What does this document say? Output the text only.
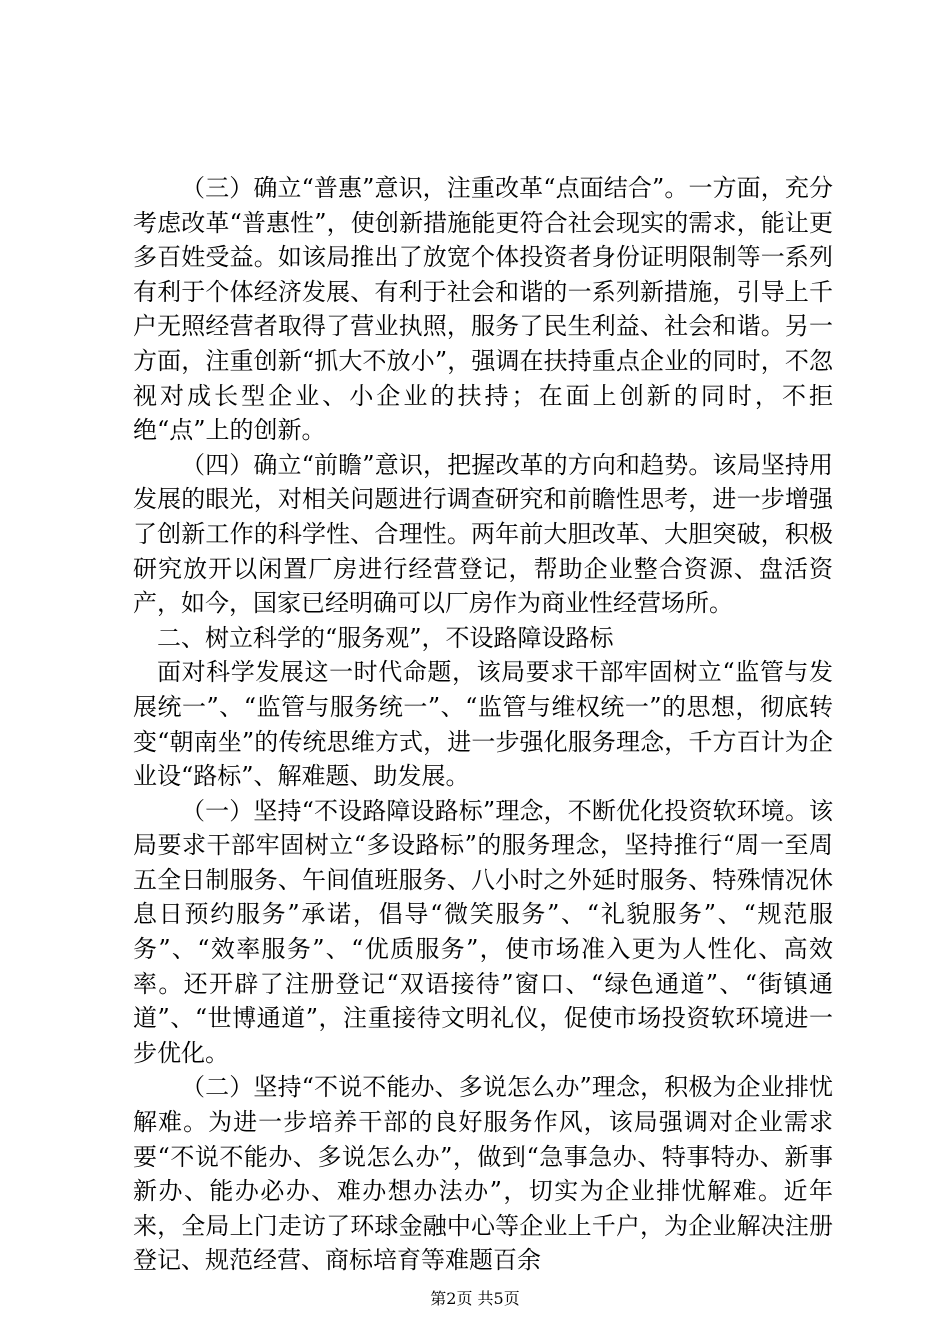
（三）确立“普惠”意识，注重改革“点面结合”。一方面，充分考虑改革“普惠性”，使创新措施能更符合社会现实的需求，能让更多百姓受益。如该局推出了放宽个体投资者身份证明限制等一系列有利于个体经济发展、有利于社会和谐的一系列新措施，引导上千户无照经营者取得了营业执照，服务了民生利益、社会和谐。另一方面，注重创新“抓大不放小”，强调在扶持重点企业的同时，不忽视对成长型企业、小企业的扶持；在面上创新的同时，不拒绝“点”上的创新。

（四）确立“前瞻”意识，把握改革的方向和趋势。该局坚持用发展的眼光，对相关问题进行调查研究和前瞻性思考，进一步增强了创新工作的科学性、合理性。两年前大胆改革、大胆突破，积极研究放开以闲置厂房进行经营登记，帮助企业整合资源、盘活资产，如今，国家已经明确可以厂房作为商业性经营场所。

二、树立科学的“服务观”，不设路障设路标

面对科学发展这一时代命题，该局要求干部牢固树立“监管与发展统一”、“监管与服务统一”、“监管与维权统一”的思想，彻底转变“朝南坐”的传统思维方式，进一步强化服务理念，千方百计为企业设“路标”、解难题、助发展。

（一）坚持“不设路障设路标”理念，不断优化投资软环境。该局要求干部牢固树立“多设路标”的服务理念，坚持推行“周一至周五全日制服务、午间值班服务、八小时之外延时服务、特殊情况休息日预约服务”承诺，倡导“微笑服务”、“礼貌服务”、“规范服务”、“效率服务”、“优质服务”，使市场准入更为人性化、高效率。还开辟了注册登记“双语接待”窗口、“绿色通道”、“街镇通道”、“世博通道”，注重接待文明礼仪，促使市场投资软环境进一步优化。

（二）坚持“不说不能办、多说怎么办”理念，积极为企业排忧解难。为进一步培养干部的良好服务作风，该局强调对企业需求要“不说不能办、多说怎么办”，做到“急事急办、特事特办、新事新办、能办必办、难办想办法办”，切实为企业排忧解难。近年来，全局上门走访了环球金融中心等企业上千户，为企业解决注册登记、规范经营、商标培育等难题百余

第2页 共5页
